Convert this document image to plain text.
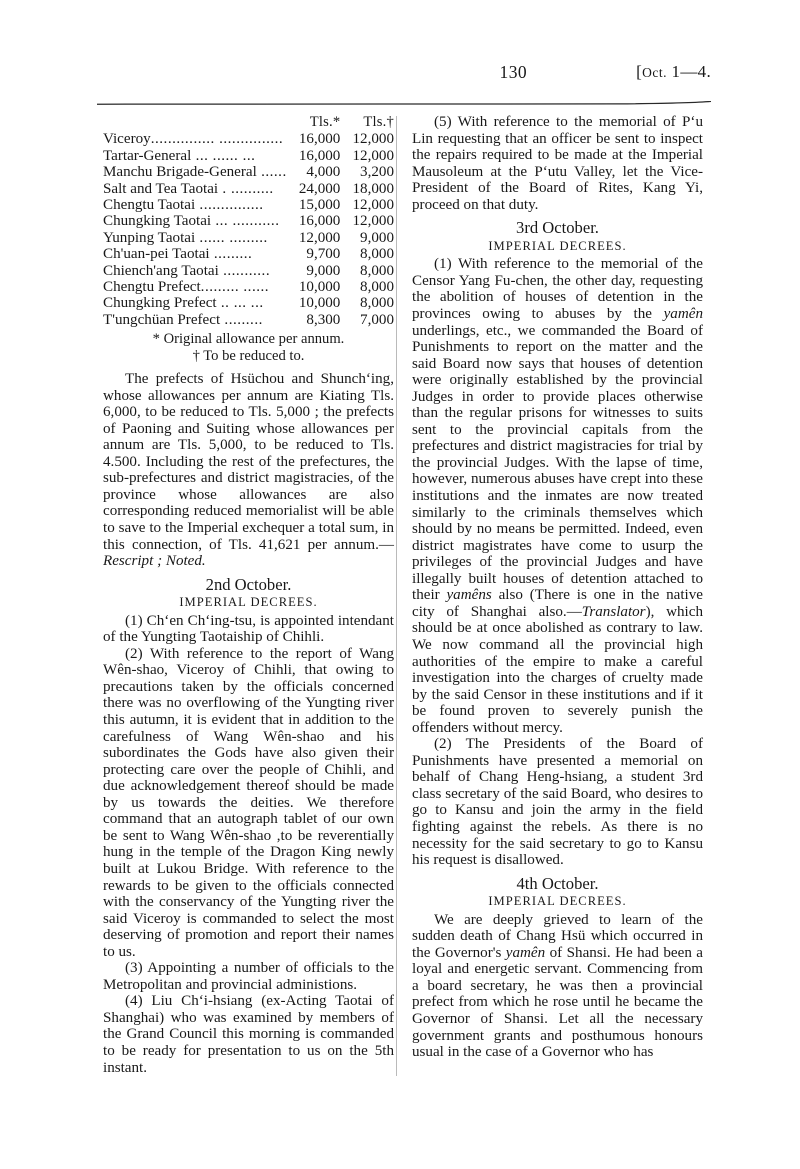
130	[Oct. 1—4.
	Tls.*	Tls.†
Viceroy............... ...............	16,000	12,000
Tartar-General ... ...... ...	16,000	12,000
Manchu Brigade-General ......	4,000	3,200
Salt and Tea Taotai . ..........	24,000	18,000
Chengtu Taotai ...............	15,000	12,000
Chungking Taotai ... ...........	16,000	12,000
Yunping Taotai ...... .........	12,000	9,000
Ch'uan-pei Taotai .........	9,700	8,000
Chiench'ang Taotai ...........	9,000	8,000
Chengtu Prefect......... ......	10,000	8,000
Chungking Prefect .. ... ...	10,000	8,000
T'ungchüan Prefect .........	8,300	7,000
* Original allowance per annum.
† To be reduced to.

The prefects of Hsüchou and Shunch‘ing, whose allowances per annum are Kiating Tls. 6,000, to be reduced to Tls. 5,000 ; the prefects of Paoning and Suiting whose allowances per annum are Tls. 5,000, to be reduced to Tls. 4.500. Including the rest of the prefectures, the sub-prefectures and district magistracies, of the province whose allowances are also corresponding reduced memorialist will be able to save to the Imperial exchequer a total sum, in this connection, of Tls. 41,621 per annum.—Rescript ; Noted.

2nd October.

IMPERIAL DECREES.

(1) Ch‘en Ch‘ing-tsu, is appointed intendant of the Yungting Taotaiship of Chihli.

(2) With reference to the report of Wang Wên-shao, Viceroy of Chihli, that owing to precautions taken by the officials concerned there was no overflowing of the Yungting river this autumn, it is evident that in addition to the carefulness of Wang Wên-shao and his subordinates the Gods have also given their protecting care over the people of Chihli, and due acknowledgement thereof should be made by us towards the deities. We therefore command that an autograph tablet of our own be sent to Wang Wên-shao ,to be reverentially hung in the temple of the Dragon King newly built at Lukou Bridge. With reference to the rewards to be given to the officials connected with the conservancy of the Yungting river the said Viceroy is commanded to select the most deserving of promotion and report their names to us.

(3) Appointing a number of officials to the Metropolitan and provincial administions.

(4) Liu Ch‘i-hsiang (ex-Acting Taotai of Shanghai) who was examined by members of the Grand Council this morning is commanded to be ready for presentation to us on the 5th instant.

(5) With reference to the memorial of P‘u Lin requesting that an officer be sent to inspect the repairs required to be made at the Imperial Mausoleum at the P‘utu Valley, let the Vice-President of the Board of Rites, Kang Yi, proceed on that duty.

3rd October.

IMPERIAL DECREES.

(1) With reference to the memorial of the Censor Yang Fu-chen, the other day, requesting the abolition of houses of detention in the provinces owing to abuses by the yamên underlings, etc., we commanded the Board of Punishments to report on the matter and the said Board now says that houses of detention were originally established by the provincial Judges in order to provide places otherwise than the regular prisons for witnesses to suits sent to the provincial capitals from the prefectures and district magistracies for trial by the provincial Judges. With the lapse of time, however, numerous abuses have crept into these institutions and the inmates are now treated similarly to the criminals themselves which should by no means be permitted. Indeed, even district magistrates have come to usurp the privileges of the provincial Judges and have illegally built houses of detention attached to their yamêns also (There is one in the native city of Shanghai also.—Translator), which should be at once abolished as contrary to law. We now command all the provincial high authorities of the empire to make a careful investigation into the charges of cruelty made by the said Censor in these institutions and if it be found proven to severely punish the offenders without mercy.

(2) The Presidents of the Board of Punishments have presented a memorial on behalf of Chang Heng-hsiang, a student 3rd class secretary of the said Board, who desires to go to Kansu and join the army in the field fighting against the rebels. As there is no necessity for the said secretary to go to Kansu his request is disallowed.

4th October.

IMPERIAL DECREES.

We are deeply grieved to learn of the sudden death of Chang Hsü which occurred in the Governor's yamên of Shansi. He had been a loyal and energetic servant. Commencing from a board secretary, he was then a provincial prefect from which he rose until he became the Governor of Shansi. Let all the necessary government grants and posthumous honours usual in the case of a Governor who has
